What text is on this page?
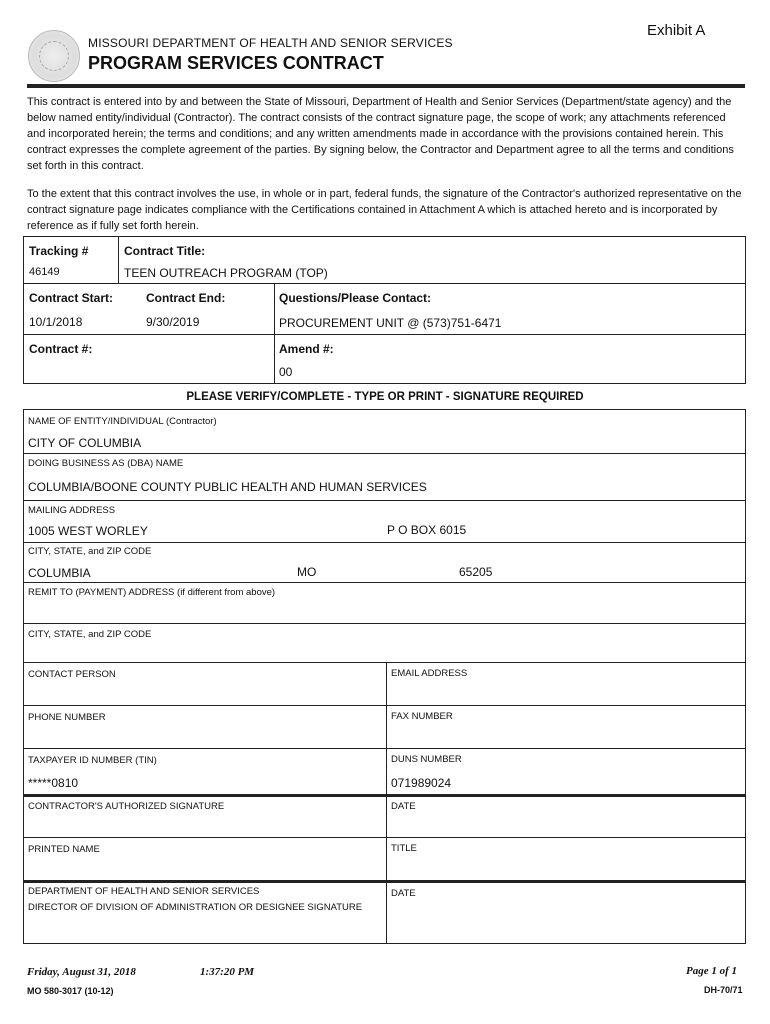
Exhibit A
MISSOURI DEPARTMENT OF HEALTH AND SENIOR SERVICES
PROGRAM SERVICES CONTRACT
This contract is entered into by and between the State of Missouri, Department of Health and Senior Services (Department/state agency) and the below named entity/individual (Contractor). The contract consists of the contract signature page, the scope of work; any attachments referenced and incorporated herein; the terms and conditions; and any written amendments made in accordance with the provisions contained herein. This contract expresses the complete agreement of the parties. By signing below, the Contractor and Department agree to all the terms and conditions set forth in this contract.
To the extent that this contract involves the use, in whole or in part, federal funds, the signature of the Contractor's authorized representative on the contract signature page indicates compliance with the Certifications contained in Attachment A which is attached hereto and is incorporated by reference as if fully set forth herein.
Tracking #
46149
Contract Title:
TEEN OUTREACH PROGRAM (TOP)
Contract Start:
10/1/2018
Contract End:
9/30/2019
Questions/Please Contact:
PROCUREMENT UNIT @ (573)751-6471
Contract #:	Amend #:
00
PLEASE VERIFY/COMPLETE - TYPE OR PRINT - SIGNATURE REQUIRED
NAME OF ENTITY/INDIVIDUAL (Contractor)
CITY OF COLUMBIA
DOING BUSINESS AS (DBA) NAME
COLUMBIA/BOONE COUNTY PUBLIC HEALTH AND HUMAN SERVICES
MAILING ADDRESS
1005 WEST WORLEY	P O BOX 6015
CITY, STATE, and ZIP CODE
COLUMBIA	MO	65205
REMIT TO (PAYMENT) ADDRESS (if different from above)
CITY, STATE, and ZIP CODE
CONTACT PERSON	EMAIL ADDRESS
PHONE NUMBER	FAX NUMBER
TAXPAYER ID NUMBER (TIN)
*****0810
DUNS NUMBER
071989024
CONTRACTOR'S AUTHORIZED SIGNATURE	DATE
PRINTED NAME	TITLE
DEPARTMENT OF HEALTH AND SENIOR SERVICES
DIRECTOR OF DIVISION OF ADMINISTRATION OR DESIGNEE SIGNATURE
DATE
Friday, August 31, 2018	1:37:20 PM	Page 1 of 1
MO 580-3017 (10-12)	DH-70/71
